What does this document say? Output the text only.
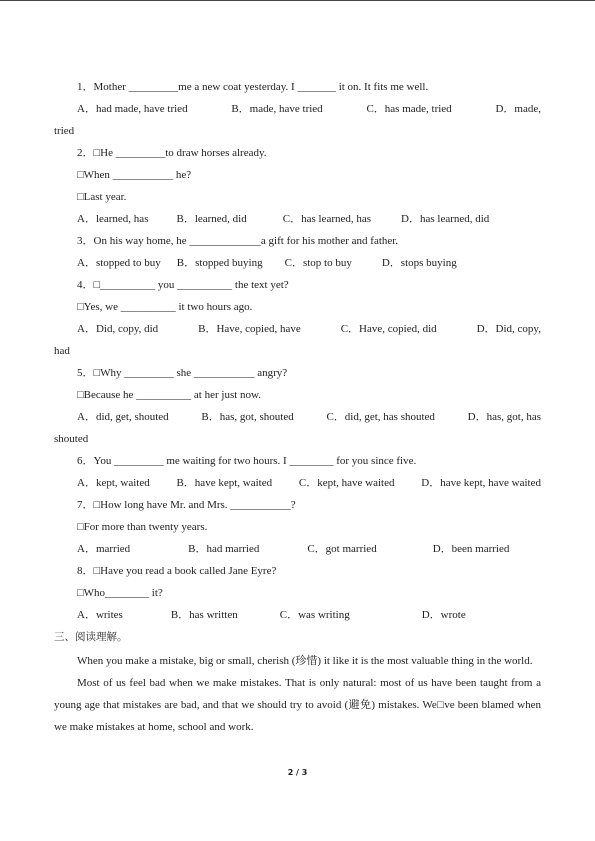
1．Mother _________me a new coat yesterday. I _______ it on. It fits me well.
A．had made, have tried	B．made, have tried	C．has made, tried	D．made,
tried
2．□He _________to draw horses already.
□When ___________ he?
□Last year.
A．learned, has	B．learned, did	C．has learned, has	D．has learned, did
3．On his way home, he _____________a gift for his mother and father.
A．stopped to buy B．stopped buying C．stop to buy	D．stops buying
4．□__________ you __________ the text yet?
□Yes, we __________ it two hours ago.
A．Did, copy, did	B．Have, copied, have	C．Have, copied, did	D．Did, copy,
had
5．□Why _________ she ___________ angry?
□Because he __________ at her just now.
A．did, get, shouted	B．has, got, shouted	C．did, get, has shouted	D．has, got, has
shouted
6．You _________ me waiting for two hours. I ________ for you since five.
A．kept, waited B．have kept, waited C．kept, have waited D．have kept, have waited
7．□How long have Mr. and Mrs. ___________?
□For more than twenty years.
A．married	B．had married	C．got married	D．been married
8．□Have you read a book called Jane Eyre?
□Who________ it?
A．writes	B．has written	C．was writing	D．wrote
三、阅读理解。
When you make a mistake, big or small, cherish (珍惜) it like it is the most valuable thing in the world.
Most of us feel bad when we make mistakes. That is only natural: most of us have been taught from a young age that mistakes are bad, and that we should try to avoid (避免) mistakes. We□ve been blamed when we make mistakes at home, school and work.
2 / 3
